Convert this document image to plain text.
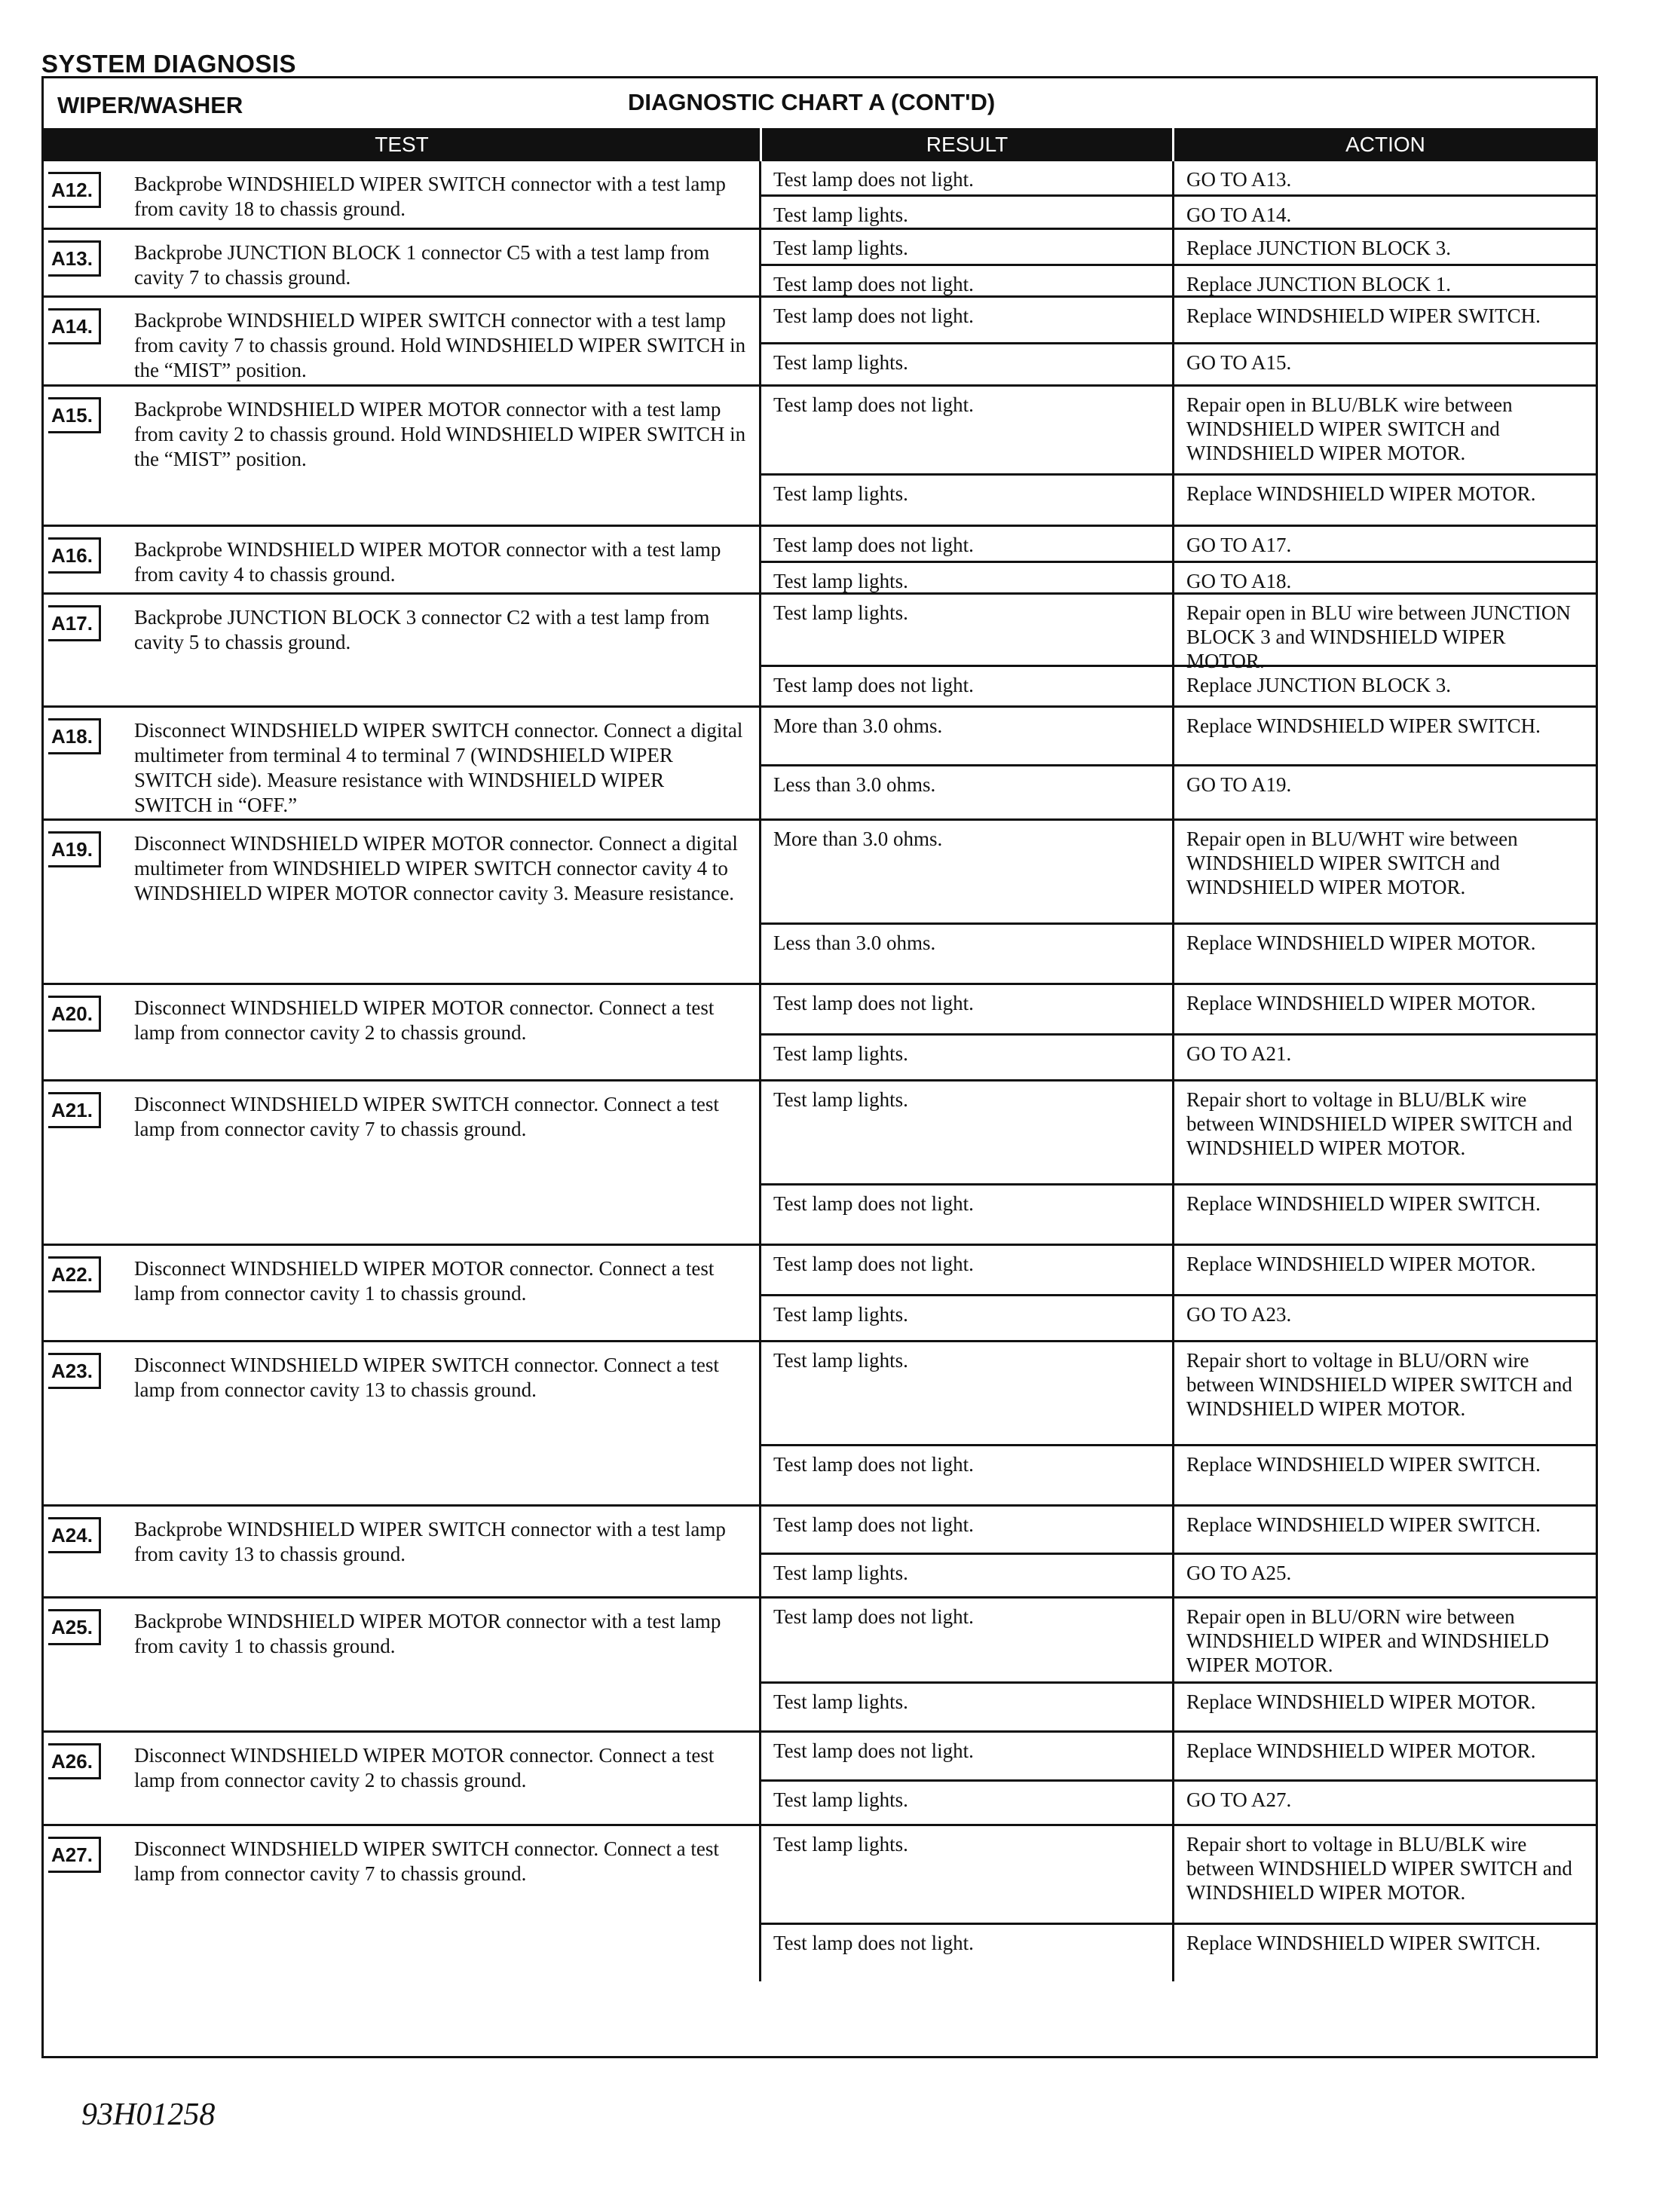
SYSTEM DIAGNOSIS
WIPER/WASHER	DIAGNOSTIC CHART A (CONT'D)
TEST	RESULT	ACTION
A12.	Backprobe WINDSHIELD WIPER SWITCH connector with a test lamp from cavity 18 to chassis ground.
Test lamp does not light.	GO TO A13.
Test lamp lights.	GO TO A14.
A13.	Backprobe JUNCTION BLOCK 1 connector C5 with a test lamp from cavity 7 to chassis ground.
Test lamp lights.	Replace JUNCTION BLOCK 3.
Test lamp does not light.	Replace JUNCTION BLOCK 1.
A14.	Backprobe WINDSHIELD WIPER SWITCH connector with a test lamp from cavity 7 to chassis ground. Hold WINDSHIELD WIPER SWITCH in the “MIST” position.
Test lamp does not light.	Replace WINDSHIELD WIPER SWITCH.
Test lamp lights.	GO TO A15.
A15.	Backprobe WINDSHIELD WIPER MOTOR connector with a test lamp from cavity 2 to chassis ground. Hold WINDSHIELD WIPER SWITCH in the “MIST” position.
Test lamp does not light.	Repair open in BLU/BLK wire between WINDSHIELD WIPER SWITCH and WINDSHIELD WIPER MOTOR.
Test lamp lights.	Replace WINDSHIELD WIPER MOTOR.
A16.	Backprobe WINDSHIELD WIPER MOTOR connector with a test lamp from cavity 4 to chassis ground.
Test lamp does not light.	GO TO A17.
Test lamp lights.	GO TO A18.
A17.	Backprobe JUNCTION BLOCK 3 connector C2 with a test lamp from cavity 5 to chassis ground.
Test lamp lights.	Repair open in BLU wire between JUNCTION BLOCK 3 and WINDSHIELD WIPER MOTOR.
Test lamp does not light.	Replace JUNCTION BLOCK 3.
A18.	Disconnect WINDSHIELD WIPER SWITCH connector. Connect a digital multimeter from terminal 4 to terminal 7 (WINDSHIELD WIPER SWITCH side). Measure resistance with WINDSHIELD WIPER SWITCH in “OFF.”
More than 3.0 ohms.	Replace WINDSHIELD WIPER SWITCH.
Less than 3.0 ohms.	GO TO A19.
A19.	Disconnect WINDSHIELD WIPER MOTOR connector. Connect a digital multimeter from WINDSHIELD WIPER SWITCH connector cavity 4 to WINDSHIELD WIPER MOTOR connector cavity 3. Measure resistance.
More than 3.0 ohms.	Repair open in BLU/WHT wire between WINDSHIELD WIPER SWITCH and WINDSHIELD WIPER MOTOR.
Less than 3.0 ohms.	Replace WINDSHIELD WIPER MOTOR.
A20.	Disconnect WINDSHIELD WIPER MOTOR connector. Connect a test lamp from connector cavity 2 to chassis ground.
Test lamp does not light.	Replace WINDSHIELD WIPER MOTOR.
Test lamp lights.	GO TO A21.
A21.	Disconnect WINDSHIELD WIPER SWITCH connector. Connect a test lamp from connector cavity 7 to chassis ground.
Test lamp lights.	Repair short to voltage in BLU/BLK wire between WINDSHIELD WIPER SWITCH and WINDSHIELD WIPER MOTOR.
Test lamp does not light.	Replace WINDSHIELD WIPER SWITCH.
A22.	Disconnect WINDSHIELD WIPER MOTOR connector. Connect a test lamp from connector cavity 1 to chassis ground.
Test lamp does not light.	Replace WINDSHIELD WIPER MOTOR.
Test lamp lights.	GO TO A23.
A23.	Disconnect WINDSHIELD WIPER SWITCH connector. Connect a test lamp from connector cavity 13 to chassis ground.
Test lamp lights.	Repair short to voltage in BLU/ORN wire between WINDSHIELD WIPER SWITCH and WINDSHIELD WIPER MOTOR.
Test lamp does not light.	Replace WINDSHIELD WIPER SWITCH.
A24.	Backprobe WINDSHIELD WIPER SWITCH connector with a test lamp from cavity 13 to chassis ground.
Test lamp does not light.	Replace WINDSHIELD WIPER SWITCH.
Test lamp lights.	GO TO A25.
A25.	Backprobe WINDSHIELD WIPER MOTOR connector with a test lamp from cavity 1 to chassis ground.
Test lamp does not light.	Repair open in BLU/ORN wire between WINDSHIELD WIPER and WINDSHIELD WIPER MOTOR.
Test lamp lights.	Replace WINDSHIELD WIPER MOTOR.
A26.	Disconnect WINDSHIELD WIPER MOTOR connector. Connect a test lamp from connector cavity 2 to chassis ground.
Test lamp does not light.	Replace WINDSHIELD WIPER MOTOR.
Test lamp lights.	GO TO A27.
A27.	Disconnect WINDSHIELD WIPER SWITCH connector. Connect a test lamp from connector cavity 7 to chassis ground.
Test lamp lights.	Repair short to voltage in BLU/BLK wire between WINDSHIELD WIPER SWITCH and WINDSHIELD WIPER MOTOR.
Test lamp does not light.	Replace WINDSHIELD WIPER SWITCH.
93H01258
